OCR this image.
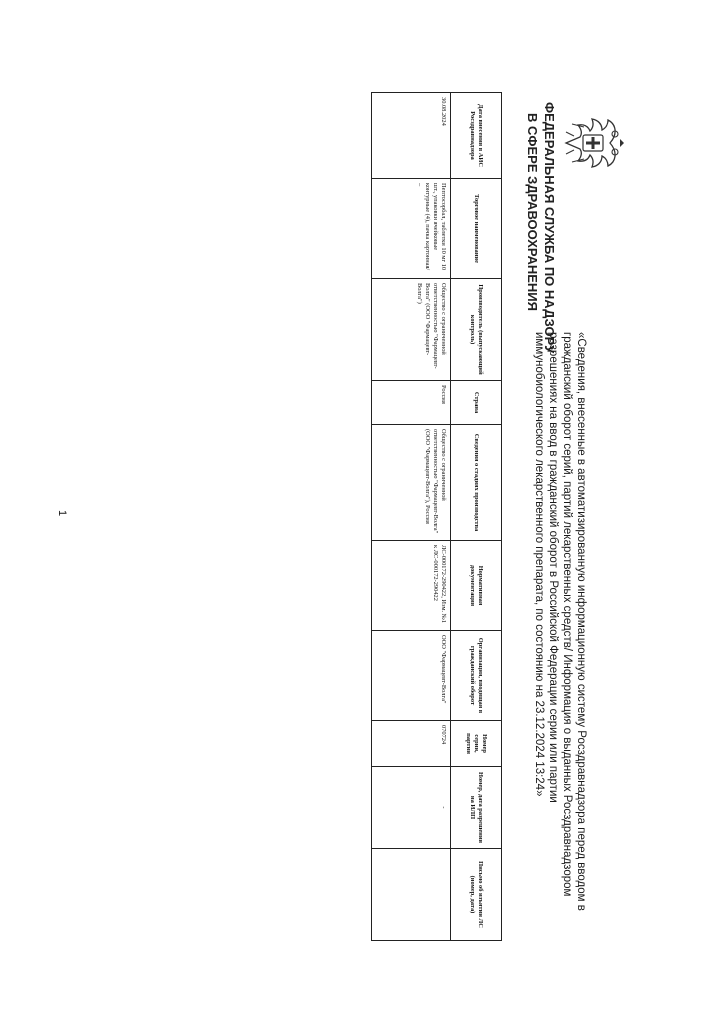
ФЕДЕРАЛЬНАЯ СЛУЖБА ПО НАДЗОРУ
В СФЕРЕ ЗДРАВООХРАНЕНИЯ
«Сведения, внесенные в автоматизированную информационную систему Росздравнадзора перед вводом в гражданский оборот серий, партий лекарственных средств/ Информация о выданных Росздравнадзором разрешениях на ввод в гражданский оборот в Российской Федерации серии или партии иммунобиологического лекарственного препарата, по состоянию на 23.12.2024 13:24»
Дата внесения в АИС Росздравнадзора	Торговое наименование	Производитель (выпускающий контроль)	Страна	Сведения о стадиях производства	Нормативная документация	Организация, вводящая в гражданский оборот	Номер серии, партии	Номер, дата разрешения на ИЛП	Письмо об изъятии ЛС (номер, дата)
30.08.2024	Пептосорбал, таблетки 10 мг 10 шт., упаковки ячейковые контурные (4), пачка картонная/ –	Общество с ограниченной ответственностью "Фармацевт-Волга" (ООО "Фармацевт-Волга")	Россия	Общество с ограниченной ответственностью "Фармацевт-Волга" (ООО "Фармацевт-Волга"), Россия	ЛС-000172-290422, Изм. №1 к ЛС-000172-290422	ООО "Фармацевт-Волга"	070724	-	
1
